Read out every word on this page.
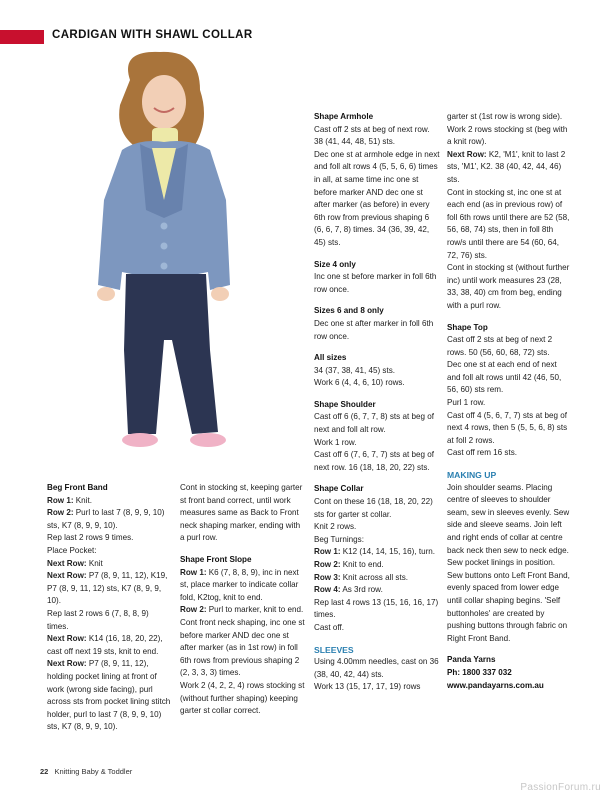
CARDIGAN WITH SHAWL COLLAR

Beg Front Band

Row 1: Knit.

Row 2: Purl to last 7 (8, 9, 9, 10) sts, K7 (8, 9, 9, 10).

Rep last 2 rows 9 times.

Place Pocket:

Next Row: Knit

Next Row: P7 (8, 9, 11, 12), K19, P7 (8, 9, 11, 12) sts, K7 (8, 9, 9, 10).

Rep last 2 rows 6 (7, 8, 8, 9) times.

Next Row: K14 (16, 18, 20, 22), cast off next 19 sts, knit to end.

Next Row: P7 (8, 9, 11, 12), holding pocket lining at front of work (wrong side facing), purl across sts from pocket lining stitch holder, purl to last 7 (8, 9, 9, 10) sts, K7 (8, 9, 9, 10).

Cont in stocking st, keeping garter st front band correct, until work measures same as Back to Front neck shaping marker, ending with a purl row.

Shape Front Slope

Row 1: K6 (7, 8, 8, 9), inc in next st, place marker to indicate collar fold, K2tog, knit to end.

Row 2: Purl to marker, knit to end.

Cont front neck shaping, inc one st before marker AND dec one st after marker (as in 1st row) in foll 6th rows from previous shaping 2 (2, 3, 3, 3) times.

Work 2 (4, 2, 2, 4) rows stocking st (without further shaping) keeping garter st collar correct.

Shape Armhole

Cast off 2 sts at beg of next row. 38 (41, 44, 48, 51) sts.

Dec one st at armhole edge in next and foll alt rows 4 (5, 5, 6, 6) times in all, at same time inc one st before marker AND dec one st after marker (as before) in every 6th row from previous shaping 6 (6, 6, 7, 8) times. 34 (36, 39, 42, 45) sts.

Size 4 only

Inc one st before marker in foll 6th row once.

Sizes 6 and 8 only

Dec one st after marker in foll 6th row once.

All sizes

34 (37, 38, 41, 45) sts.

Work 6 (4, 4, 6, 10) rows.

Shape Shoulder

Cast off 6 (6, 7, 7, 8) sts at beg of next and foll alt row.

Work 1 row.

Cast off 6 (7, 6, 7, 7) sts at beg of next row. 16 (18, 18, 20, 22) sts.

Shape Collar

Cont on these 16 (18, 18, 20, 22) sts for garter st collar.

Knit 2 rows.

Beg Turnings:

Row 1: K12 (14, 14, 15, 16), turn.

Row 2: Knit to end.

Row 3: Knit across all sts.

Row 4: As 3rd row.

Rep last 4 rows 13 (15, 16, 16, 17) times.

Cast off.

SLEEVES

Using 4.00mm needles, cast on 36 (38, 40, 42, 44) sts.

Work 13 (15, 17, 17, 19) rows

garter st (1st row is wrong side).

Work 2 rows stocking st (beg with a knit row).

Next Row: K2, 'M1', knit to last 2 sts, 'M1', K2. 38 (40, 42, 44, 46) sts.

Cont in stocking st, inc one st at each end (as in previous row) of foll 6th rows until there are 52 (58, 56, 68, 74) sts, then in foll 8th row/s until there are 54 (60, 64, 72, 76) sts.

Cont in stocking st (without further inc) until work measures 23 (28, 33, 38, 40) cm from beg, ending with a purl row.

Shape Top

Cast off 2 sts at beg of next 2 rows. 50 (56, 60, 68, 72) sts.

Dec one st at each end of next and foll alt rows until 42 (46, 50, 56, 60) sts rem.

Purl 1 row.

Cast off 4 (5, 6, 7, 7) sts at beg of next 4 rows, then 5 (5, 5, 6, 8) sts at foll 2 rows.

Cast off rem 16 sts.

MAKING UP

Join shoulder seams. Placing centre of sleeves to shoulder seam, sew in sleeves evenly. Sew side and sleeve seams. Join left and right ends of collar at centre back neck then sew to neck edge. Sew pocket linings in position. Sew buttons onto Left Front Band, evenly spaced from lower edge until collar shaping begins. 'Self buttonholes' are created by pushing buttons through fabric on Right Front Band.

Panda Yarns

Ph: 1800 337 032

www.pandayarns.com.au

22 Knitting Baby & Toddler
PassionForum.ru
